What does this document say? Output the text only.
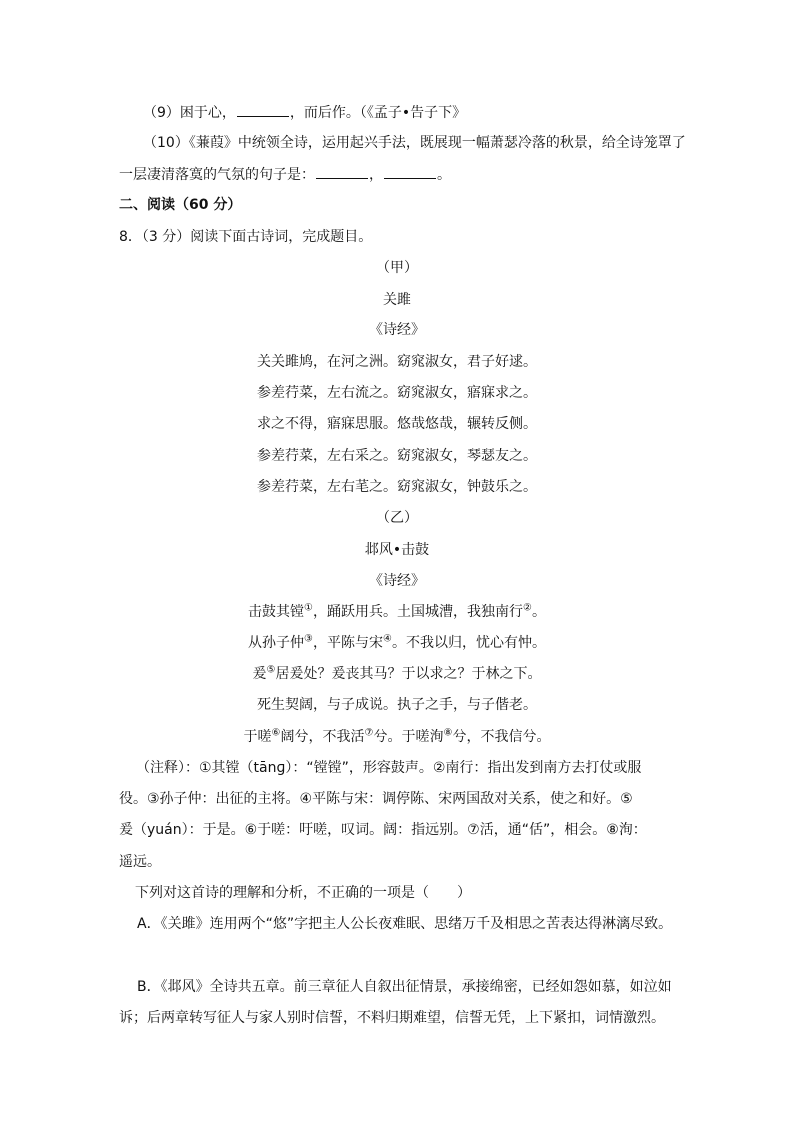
（9）困于心，	，而后作。（《孟子•告子下》
（10）《蒹葭》中统领全诗，运用起兴手法，既展现一幅萧瑟冷落的秋景，给全诗笼罩了
一层凄清落寞的气氛的句子是：	，	。
二、阅读（60 分）
8．（3 分）阅读下面古诗词，完成题目。
（甲）
关雎
《诗经》
关关雎鸠，在河之洲。窈窕淑女，君子好逑。
参差荇菜，左右流之。窈窕淑女，寤寐求之。
求之不得，寤寐思服。悠哉悠哉，辗转反侧。
参差荇菜，左右采之。窈窕淑女，琴瑟友之。
参差荇菜，左右芼之。窈窕淑女，钟鼓乐之。
（乙）
邶风•击鼓
《诗经》
击鼓其镗①，踊跃用兵。土国城漕，我独南行②。
从孙子仲③，平陈与宋④。不我以归，忧心有忡。
爰⑤居爰处？爰丧其马？于以求之？于林之下。
死生契阔，与子成说。执子之手，与子偕老。
于嗟⑥阔兮，不我活⑦兮。于嗟洵⑧兮，不我信兮。
（注释）：①其镗（tānɡ）：“镗镗”，形容鼓声。②南行：指出发到南方去打仗或服
役。③孙子仲：出征的主将。④平陈与宋：调停陈、宋两国敌对关系，使之和好。⑤
爰（yuán）：于是。⑥于嗟：吁嗟，叹词。阔：指远别。⑦活，通“佸”，相会。⑧洵：
遥远。
下列对这首诗的理解和分析，不正确的一项是（　　）
A．《关雎》连用两个“悠”字把主人公长夜难眠、思绪万千及相思之苦表达得淋漓尽致。
B．《邶风》全诗共五章。前三章征人自叙出征情景，承接绵密，已经如怨如慕，如泣如
诉；后两章转写征人与家人别时信誓，不料归期难望，信誓无凭，上下紧扣，词情激烈。
